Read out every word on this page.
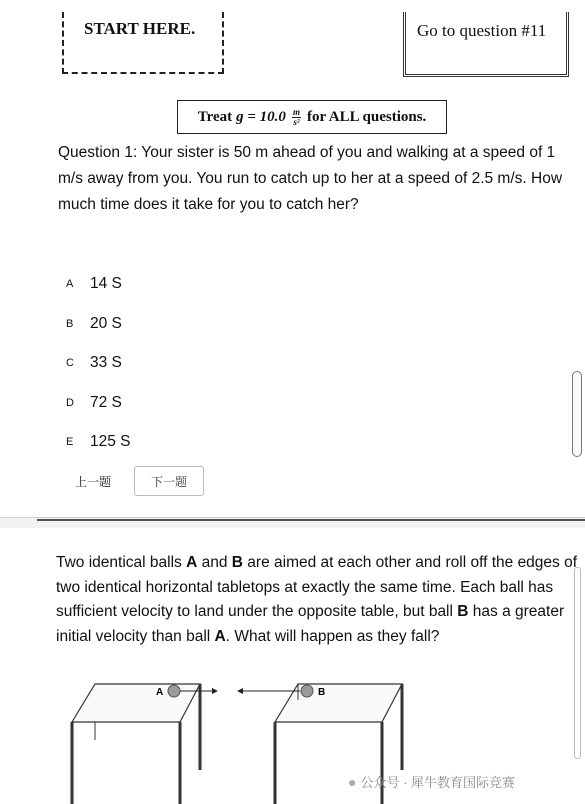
START HERE.	Go to question #11
Treat $g = 10.0 \frac{m}{\text{s²}}$ for ALL questions.
Question 1: Your sister is 50 m ahead of you and walking at a speed of 1 m/s away from you. You run to catch up to her at a speed of 2.5 m/s. How much time does it take for you to catch her?
A	14 S
B	20 S
C	33 S
D	72 S
E	125 S
上一题	下一题
Two identical balls A and B are aimed at each other and roll off the edges of two identical horizontal tabletops at exactly the same time. Each ball has sufficient velocity to land under the opposite table, but ball B has a greater initial velocity than ball A. What will happen as they fall?
A	B
● 公众号 · 犀牛教育国际竞赛
